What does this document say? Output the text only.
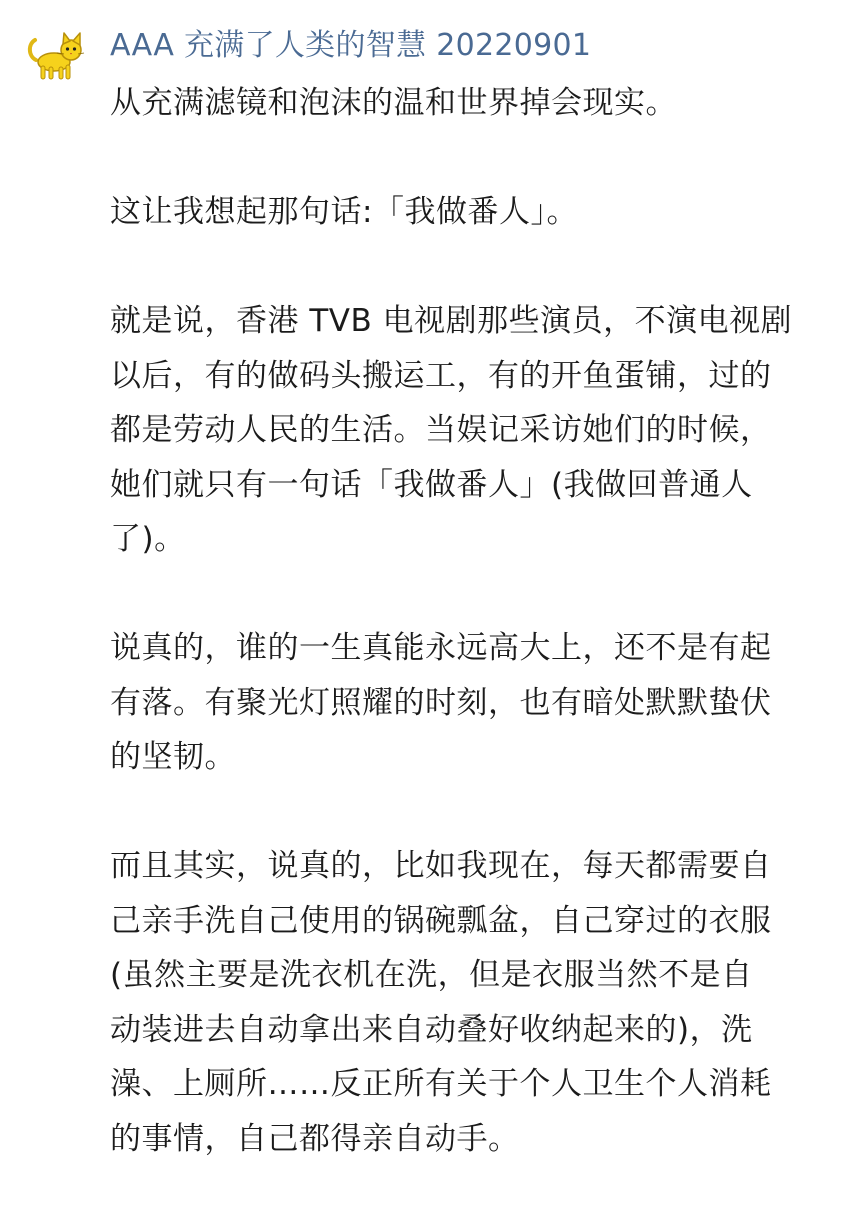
AAA 充满了人类的智慧 20220901
从充满滤镜和泡沫的温和世界掉会现实。
这让我想起那句话:「我做番人」。
就是说，香港 TVB 电视剧那些演员，不演电视剧
以后，有的做码头搬运工，有的开鱼蛋铺，过的
都是劳动人民的生活。当娱记采访她们的时候，
她们就只有一句话「我做番人」(我做回普通人
了)。
说真的，谁的一生真能永远高大上，还不是有起
有落。有聚光灯照耀的时刻，也有暗处默默蛰伏
的坚韧。
而且其实，说真的，比如我现在，每天都需要自
己亲手洗自己使用的锅碗瓢盆，自己穿过的衣服
(虽然主要是洗衣机在洗，但是衣服当然不是自
动装进去自动拿出来自动叠好收纳起来的)，洗
澡、上厕所……反正所有关于个人卫生个人消耗
的事情，自己都得亲自动手。
